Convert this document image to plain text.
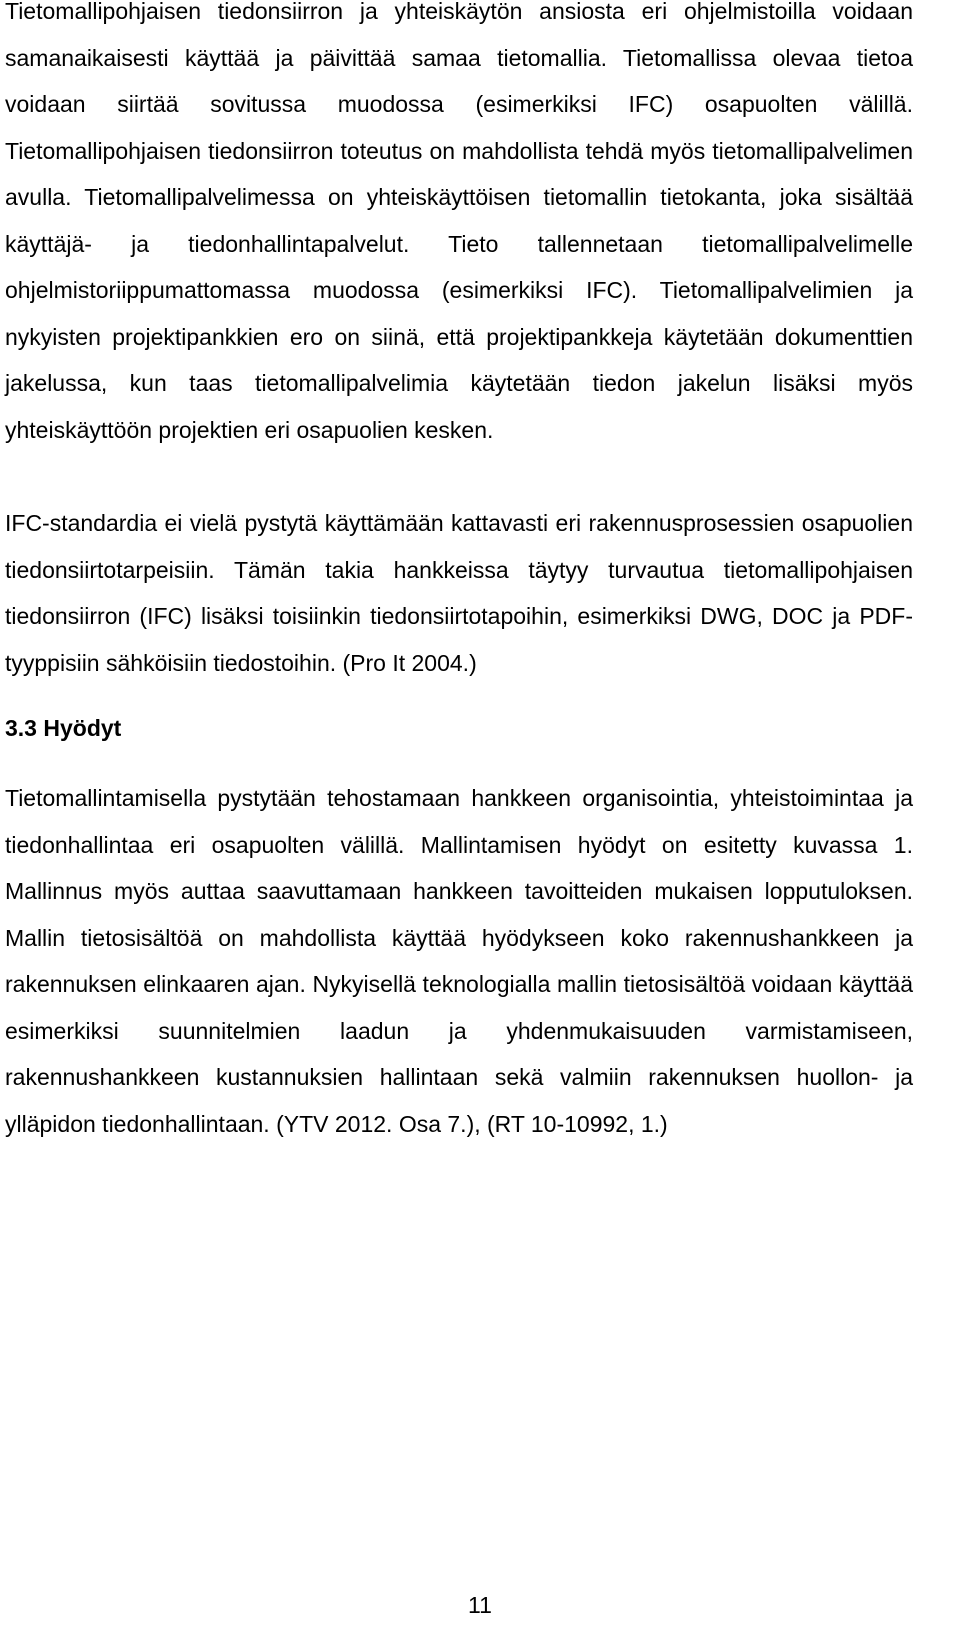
Tietomallipohjaisen tiedonsiirron ja yhteiskäytön ansiosta eri ohjelmistoilla voidaan samanaikaisesti käyttää ja päivittää samaa tietomallia. Tietomallissa olevaa tietoa voidaan siirtää sovitussa muodossa (esimerkiksi IFC) osapuolten välillä. Tietomallipohjaisen tiedonsiirron toteutus on mahdollista tehdä myös tietomallipalvelimen avulla. Tietomallipalvelimessa on yhteiskäyttöisen tietomallin tietokanta, joka sisältää käyttäjä- ja tiedonhallintapalvelut. Tieto tallennetaan tietomallipalvelimelle ohjelmistoriippumattomassa muodossa (esimerkiksi IFC). Tietomallipalvelimien ja nykyisten projektipankkien ero on siinä, että projektipankkeja käytetään dokumenttien jakelussa, kun taas tietomallipalvelimia käytetään tiedon jakelun lisäksi myös yhteiskäyttöön projektien eri osapuolien kesken.

IFC-standardia ei vielä pystytä käyttämään kattavasti eri rakennusprosessien osapuolien tiedonsiirtotarpeisiin. Tämän takia hankkeissa täytyy turvautua tietomallipohjaisen tiedonsiirron (IFC) lisäksi toisiinkin tiedonsiirtotapoihin, esimerkiksi DWG, DOC ja PDF-tyyppisiin sähköisiin tiedostoihin. (Pro It 2004.)

3.3 Hyödyt

Tietomallintamisella pystytään tehostamaan hankkeen organisointia, yhteistoimintaa ja tiedonhallintaa eri osapuolten välillä. Mallintamisen hyödyt on esitetty kuvassa 1. Mallinnus myös auttaa saavuttamaan hankkeen tavoitteiden mukaisen lopputuloksen. Mallin tietosisältöä on mahdollista käyttää hyödykseen koko rakennushankkeen ja rakennuksen elinkaaren ajan. Nykyisellä teknologialla mallin tietosisältöä voidaan käyttää esimerkiksi suunnitelmien laadun ja yhdenmukaisuuden varmistamiseen, rakennushankkeen kustannuksien hallintaan sekä valmiin rakennuksen huollon- ja ylläpidon tiedonhallintaan. (YTV 2012. Osa 7.), (RT 10-10992, 1.)

11
